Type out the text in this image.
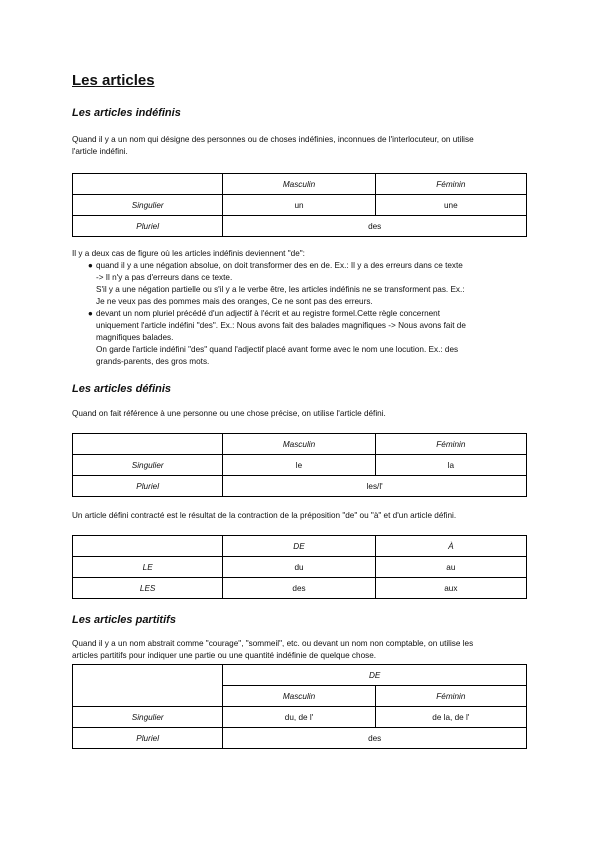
Les articles
Les articles indéfinis

Quand il y a un nom qui désigne des personnes ou de choses indéfinies, inconnues de l'interlocuteur, on utilise
l'article indéfini.

	Masculin	Féminin
Singulier	un	une
Pluriel	des	

Il y a deux cas de figure où les articles indéfinis deviennent "de":

● quand il y a une négation absolue, on doit transformer des en de. Ex.: Il y a des erreurs dans ce texte
-> Il n'y a pas d'erreurs dans ce texte.
S'il y a une négation partielle ou s'il y a le verbe être, les articles indéfinis ne se transforment pas. Ex.:
Je ne veux pas des pommes mais des oranges, Ce ne sont pas des erreurs.
● devant un nom pluriel précédé d'un adjectif à l'écrit et au registre formel.Cette règle concernent
uniquement l'article indéfini "des". Ex.: Nous avons fait des balades magnifiques -> Nous avons fait de
magnifiques balades.
On garde l'article indéfini "des" quand l'adjectif placé avant forme avec le nom une locution. Ex.: des
grands-parents, des gros mots.
Les articles définis

Quand on fait référence à une personne ou une chose précise, on utilise l'article défini.

	Masculin	Féminin
Singulier	le	la
Pluriel	les/l'	

Un article défini contracté est le résultat de la contraction de la préposition "de" ou "à" et d'un article défini.

	DE	À
LE	du	au
LES	des	aux
Les articles partitifs

Quand il y a un nom abstrait comme "courage", "sommeil", etc. ou devant un nom non comptable, on utilise les
articles partitifs pour indiquer une partie ou une quantité indéfinie de quelque chose.

	DE	
	Masculin	Féminin
Singulier	du, de l'	de la, de l'
Pluriel	des	
